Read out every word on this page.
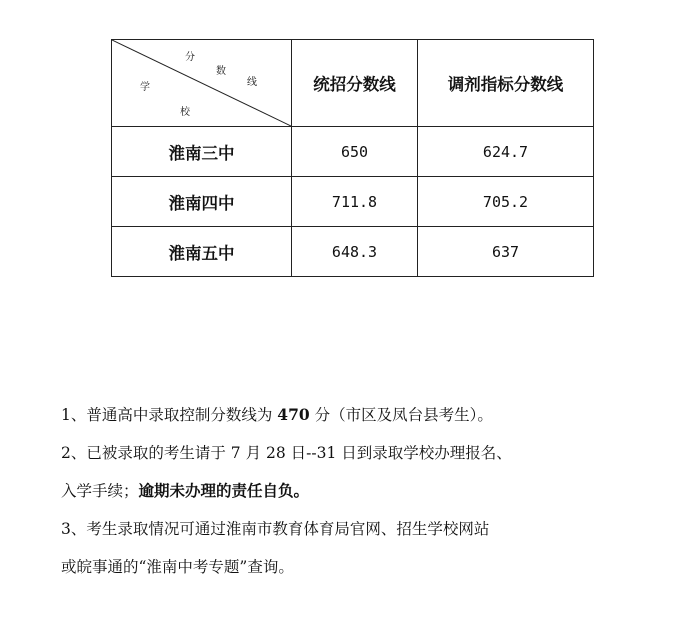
分
数
线
学
校	统招分数线	调剂指标分数线
淮南三中	650	624.7
淮南四中	711.8	705.2
淮南五中	648.3	637
1、普通高中录取控制分数线为 470 分（市区及凤台县考生）。
2、已被录取的考生请于 7 月 28 日--31 日到录取学校办理报名、
入学手续；逾期未办理的责任自负。
3、考生录取情况可通过淮南市教育体育局官网、招生学校网站
或皖事通的“淮南中考专题”查询。
